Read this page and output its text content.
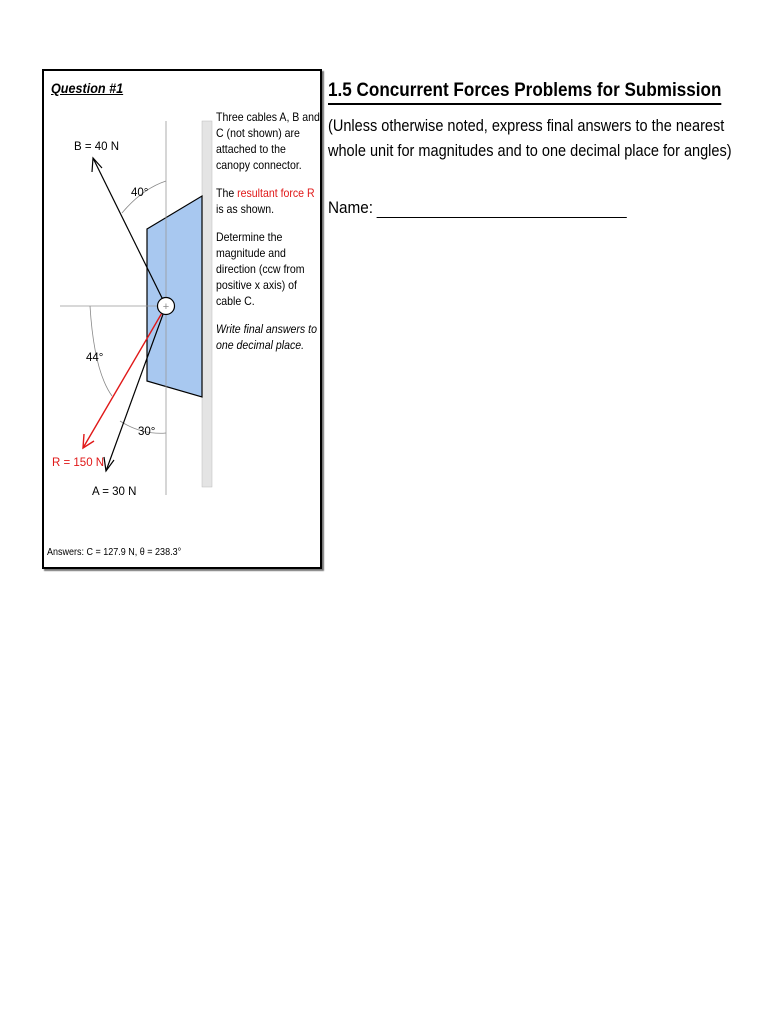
Question #1
+
B = 40 N
40°
44°
30°
R = 150 N
A = 30 N

Three cables A, B and C (not shown) are attached to the canopy connector.

The resultant force R is as shown.

Determine the magnitude and direction (ccw from positive x axis) of cable C.

Write final answers to one decimal place.

Answers: C = 127.9 N, θ = 238.3°
1.5 Concurrent Forces Problems for Submission
(Unless otherwise noted, express final answers to the nearest
whole unit for magnitudes and to one decimal place for angles)
Name:
